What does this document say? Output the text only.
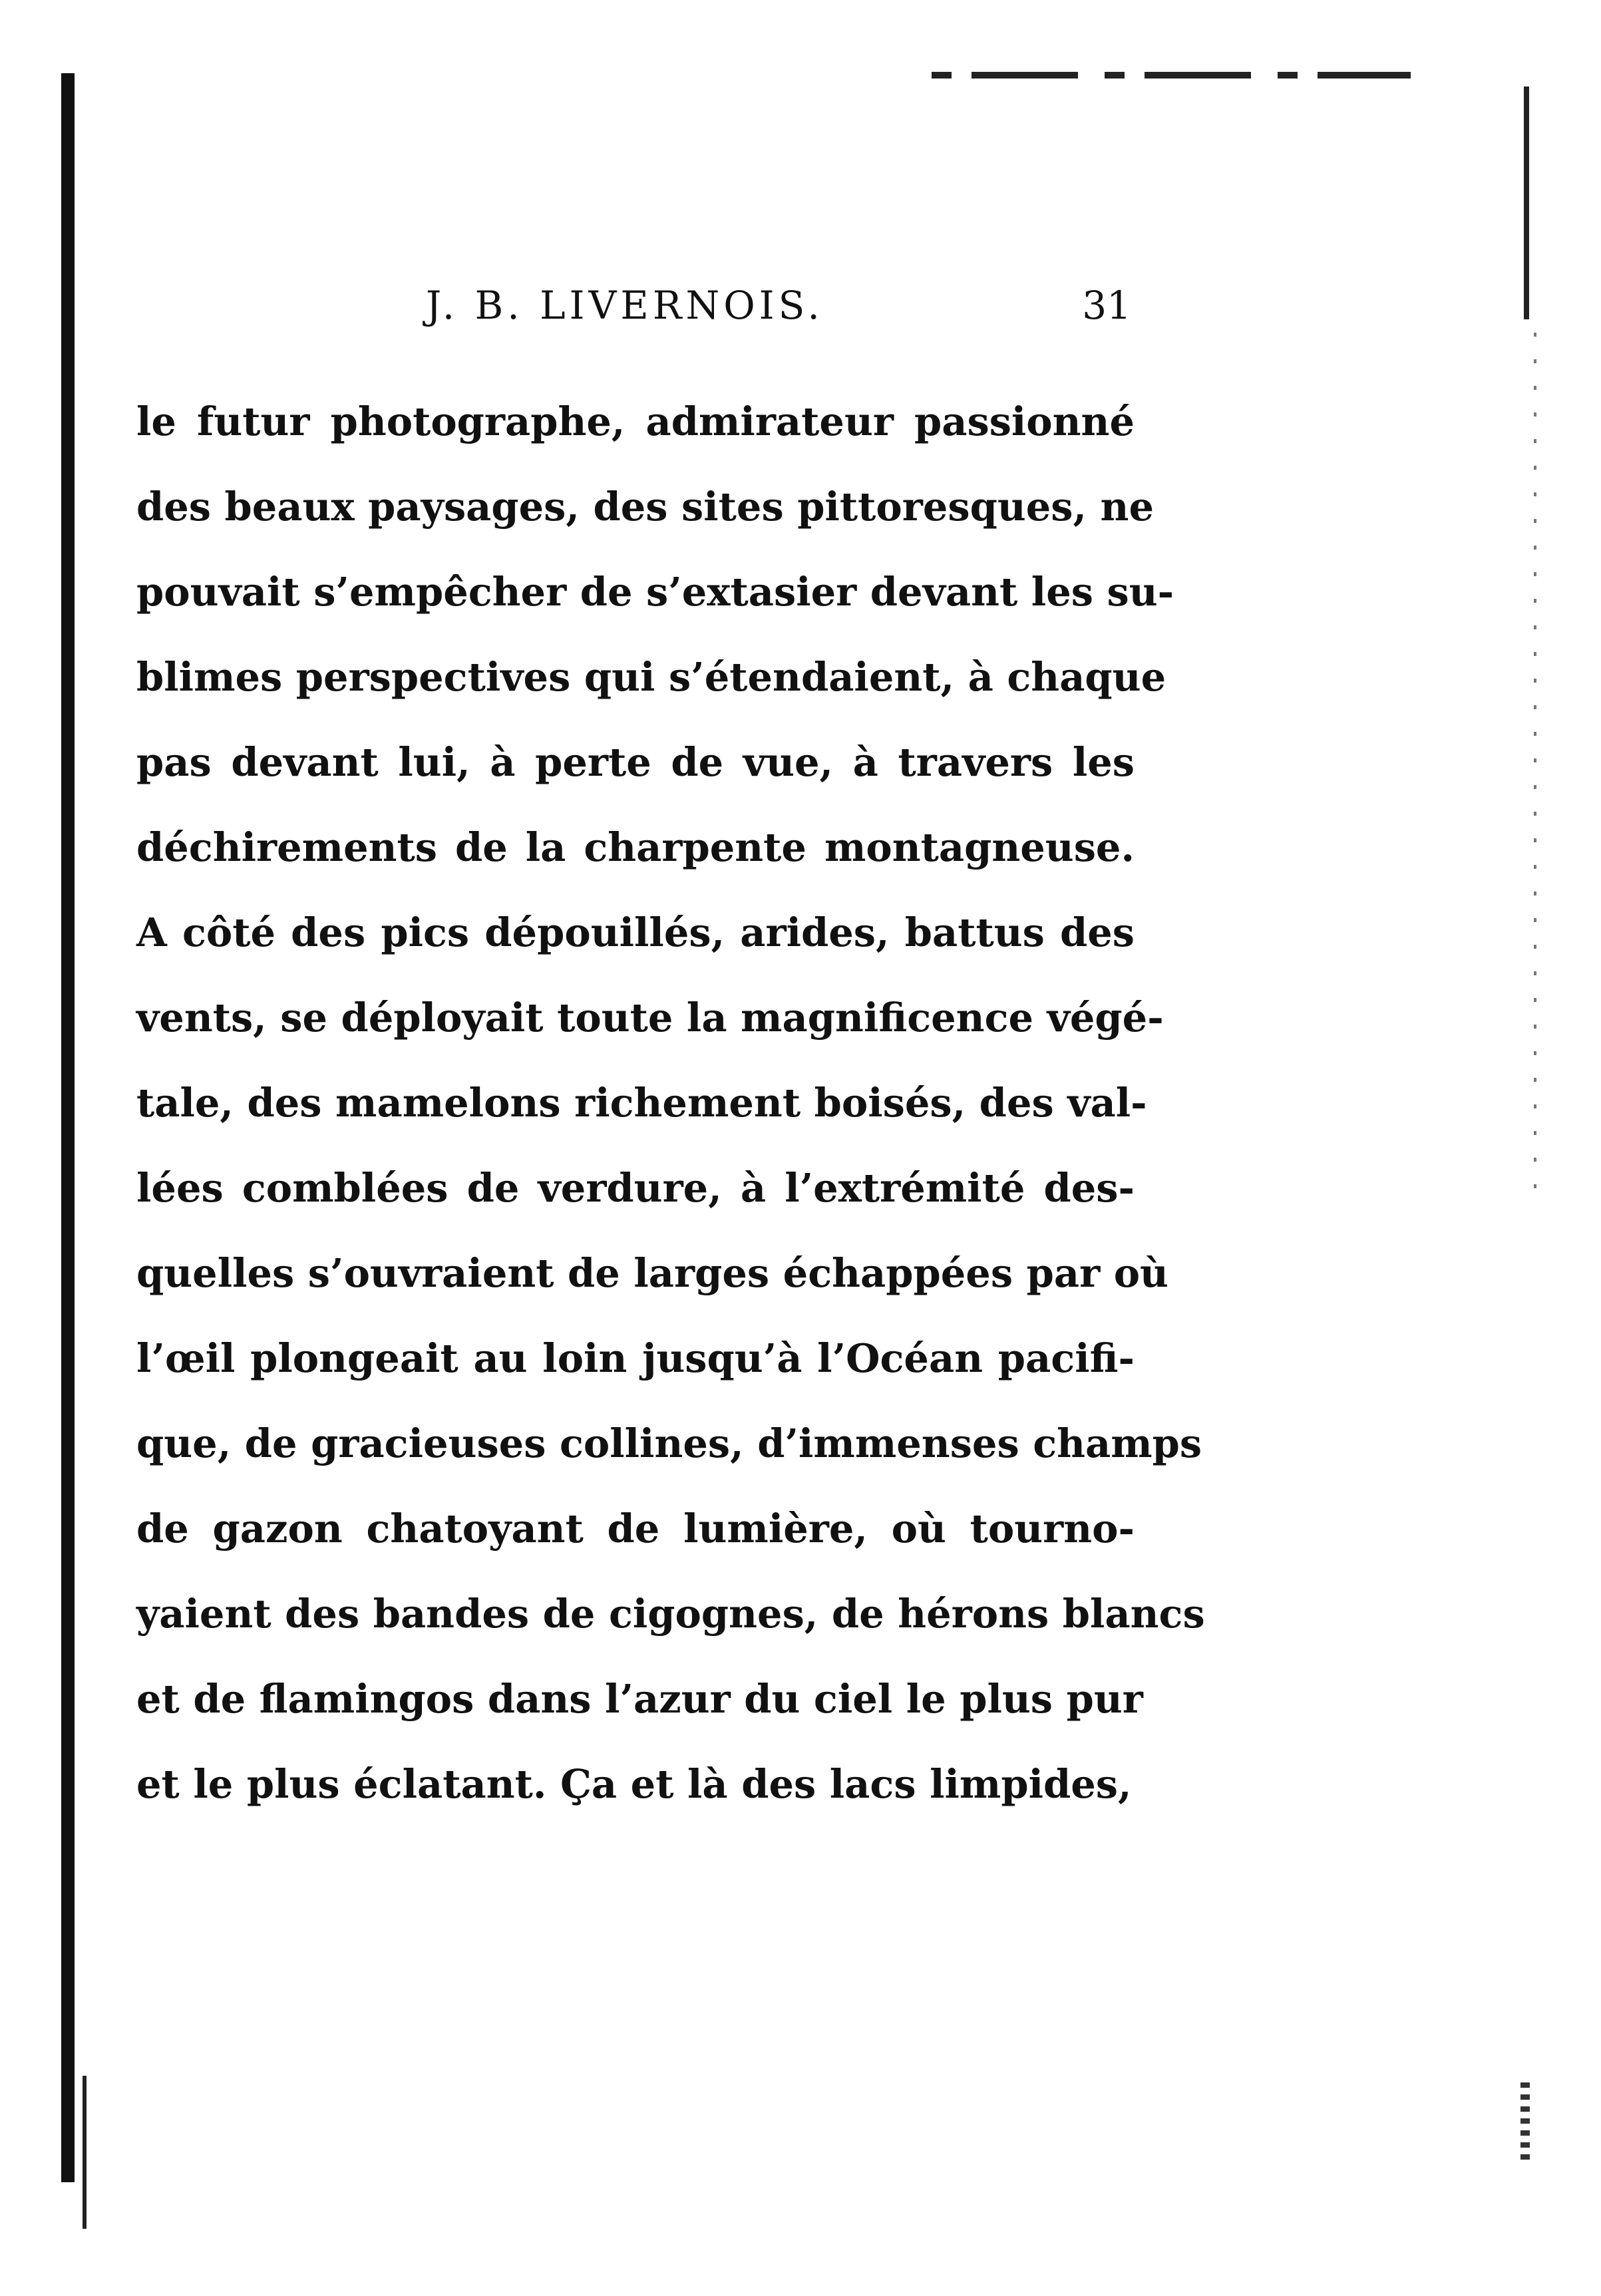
J. B. LIVERNOIS.	31
le futur photographe, admirateur passionné
des beaux paysages, des sites pittoresques, ne
pouvait s’empêcher de s’extasier devant les su-
blimes perspectives qui s’étendaient, à chaque
pas devant lui, à perte de vue, à travers les
déchirements de la charpente montagneuse.
A côté des pics dépouillés, arides, battus des
vents, se déployait toute la magnificence végé-
tale, des mamelons richement boisés, des val-
lées comblées de verdure, à l’extrémité des-
quelles s’ouvraient de larges échappées par où
l’œil plongeait au loin jusqu’à l’Océan pacifi-
que, de gracieuses collines, d’immenses champs
de gazon chatoyant de lumière, où tourno-
yaient des bandes de cigognes, de hérons blancs
et de flamingos dans l’azur du ciel le plus pur
et le plus éclatant. Ça et là des lacs limpides,
